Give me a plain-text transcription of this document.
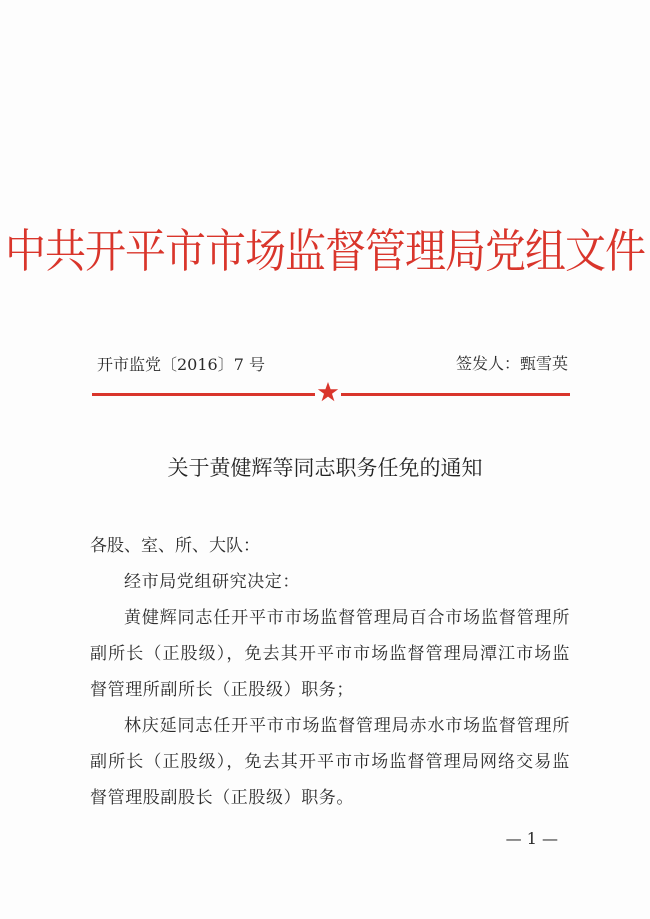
中共开平市市场监督管理局党组文件
开市监党〔2016〕7 号	签发人：甄雪英
关于黄健辉等同志职务任免的通知
各股、室、所、大队：

经市局党组研究决定：

黄健辉同志任开平市市场监督管理局百合市场监督管理所副所长（正股级），免去其开平市市场监督管理局潭江市场监督管理所副所长（正股级）职务；

林庆延同志任开平市市场监督管理局赤水市场监督管理所副所长（正股级），免去其开平市市场监督管理局网络交易监督管理股副股长（正股级）职务。

— 1 —
